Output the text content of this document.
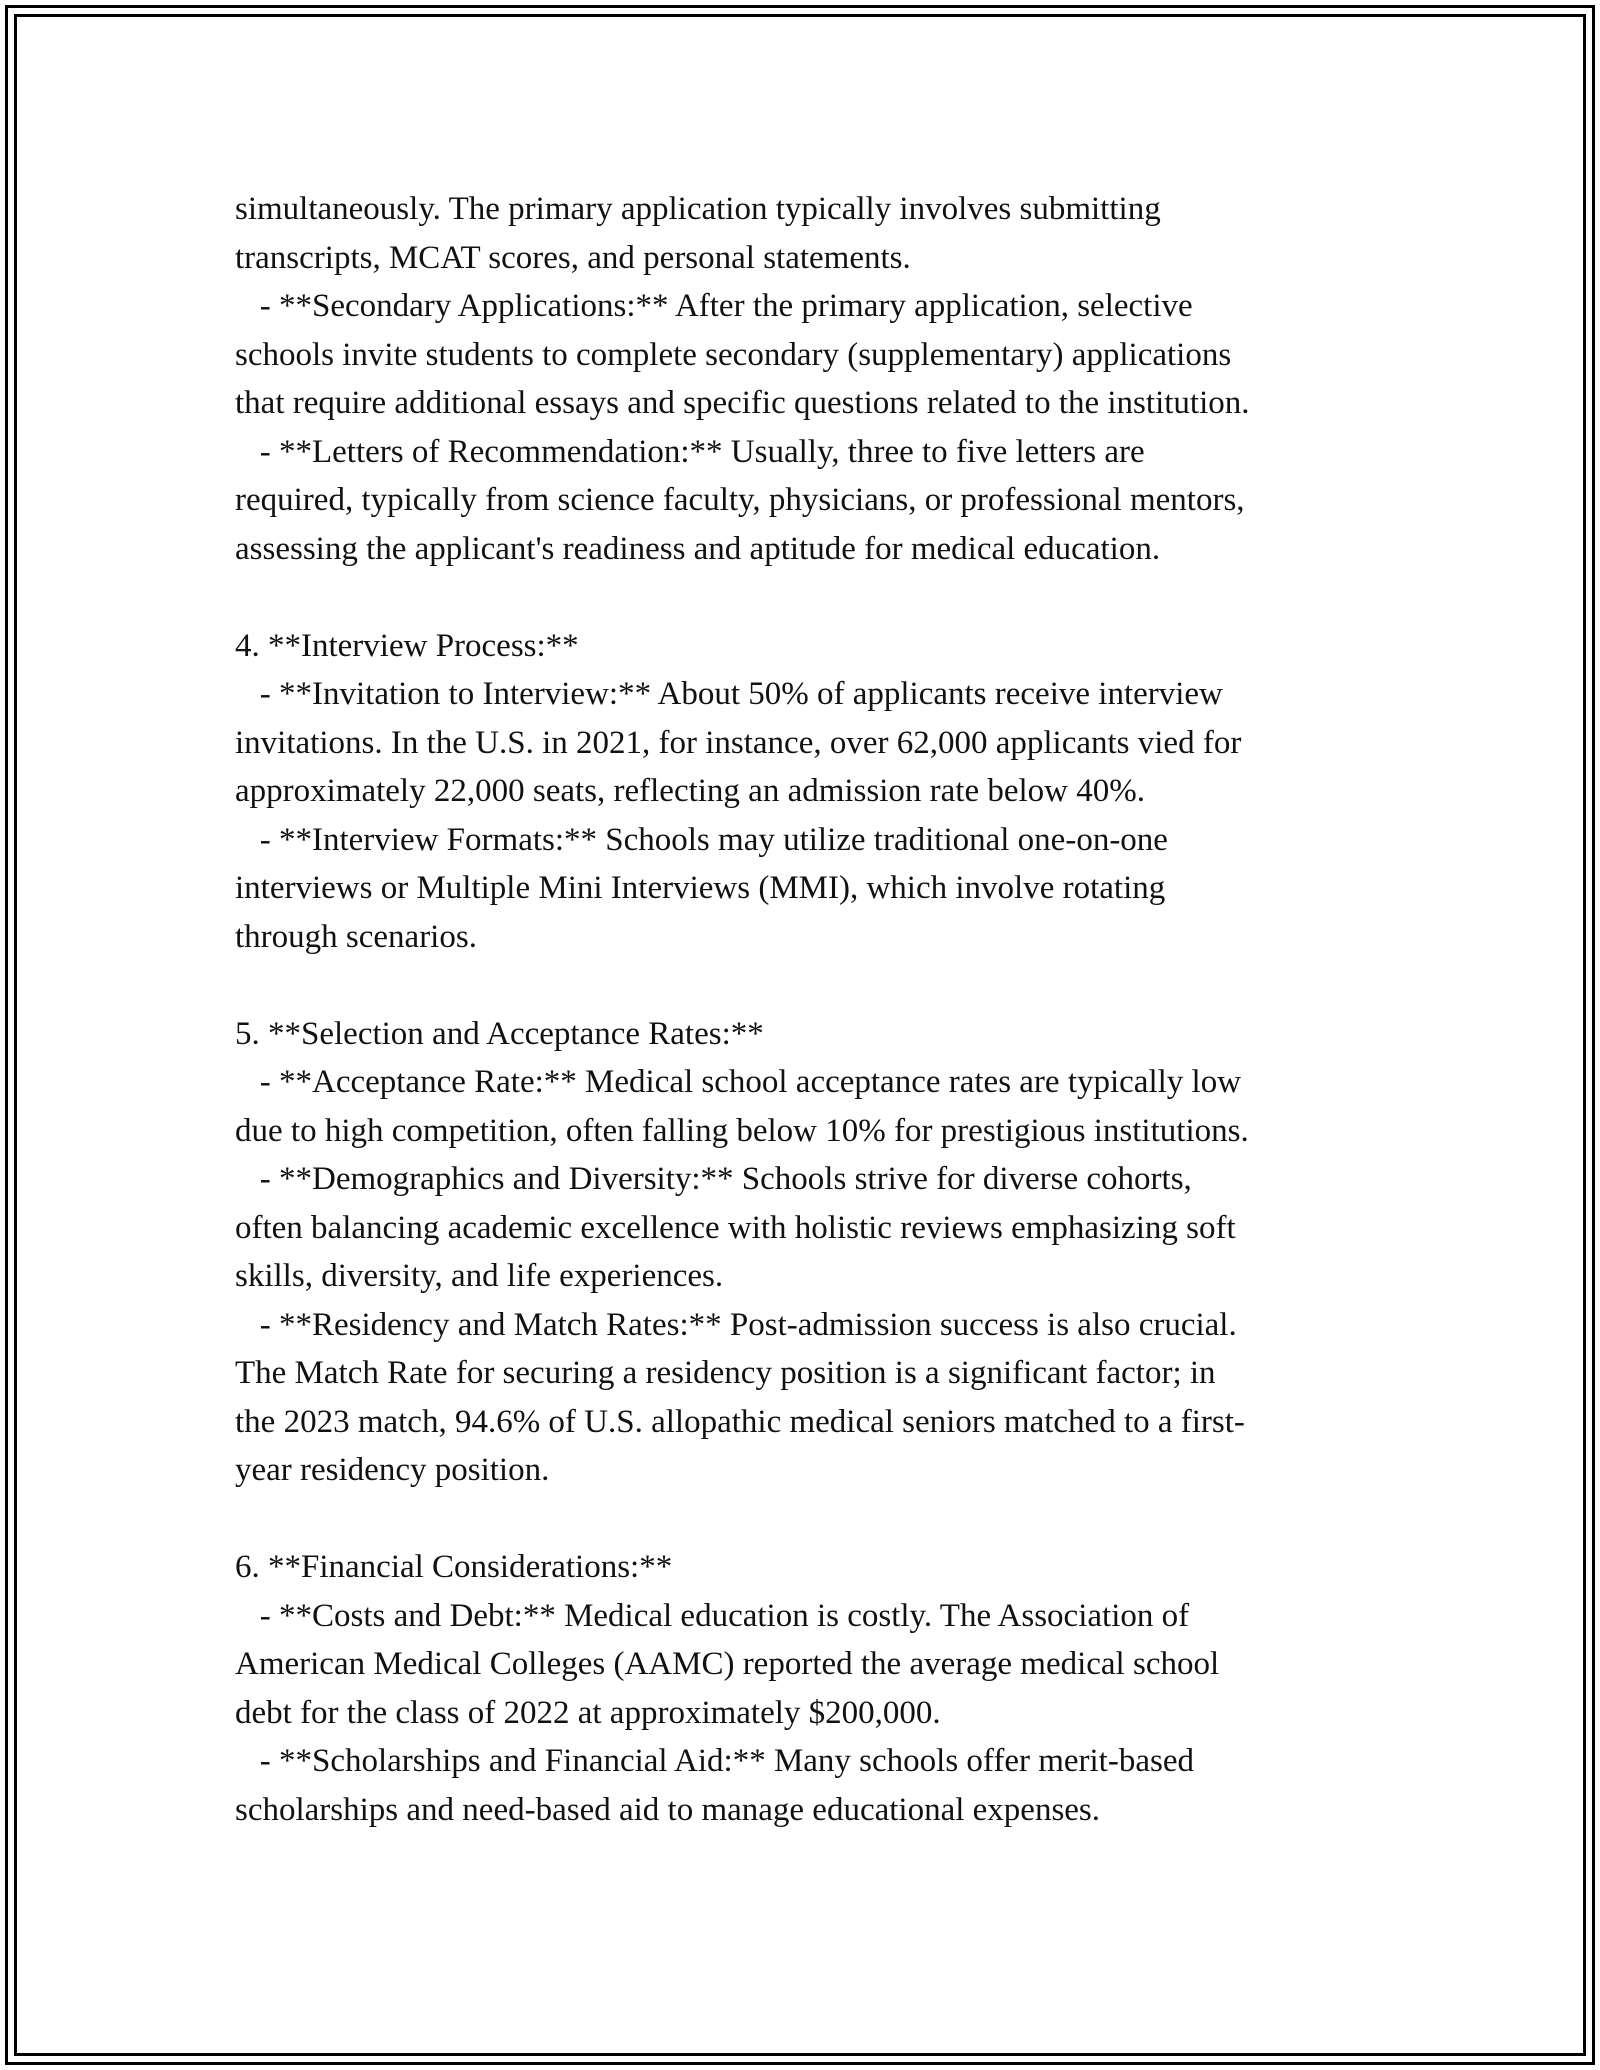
simultaneously. The primary application typically involves submitting
transcripts, MCAT scores, and personal statements.
- **Secondary Applications:** After the primary application, selective
schools invite students to complete secondary (supplementary) applications
that require additional essays and specific questions related to the institution.
- **Letters of Recommendation:** Usually, three to five letters are
required, typically from science faculty, physicians, or professional mentors,
assessing the applicant's readiness and aptitude for medical education.
4. **Interview Process:**
- **Invitation to Interview:** About 50% of applicants receive interview
invitations. In the U.S. in 2021, for instance, over 62,000 applicants vied for
approximately 22,000 seats, reflecting an admission rate below 40%.
- **Interview Formats:** Schools may utilize traditional one-on-one
interviews or Multiple Mini Interviews (MMI), which involve rotating
through scenarios.
5. **Selection and Acceptance Rates:**
- **Acceptance Rate:** Medical school acceptance rates are typically low
due to high competition, often falling below 10% for prestigious institutions.
- **Demographics and Diversity:** Schools strive for diverse cohorts,
often balancing academic excellence with holistic reviews emphasizing soft
skills, diversity, and life experiences.
- **Residency and Match Rates:** Post-admission success is also crucial.
The Match Rate for securing a residency position is a significant factor; in
the 2023 match, 94.6% of U.S. allopathic medical seniors matched to a first-
year residency position.
6. **Financial Considerations:**
- **Costs and Debt:** Medical education is costly. The Association of
American Medical Colleges (AAMC) reported the average medical school
debt for the class of 2022 at approximately $200,000.
- **Scholarships and Financial Aid:** Many schools offer merit-based
scholarships and need-based aid to manage educational expenses.
